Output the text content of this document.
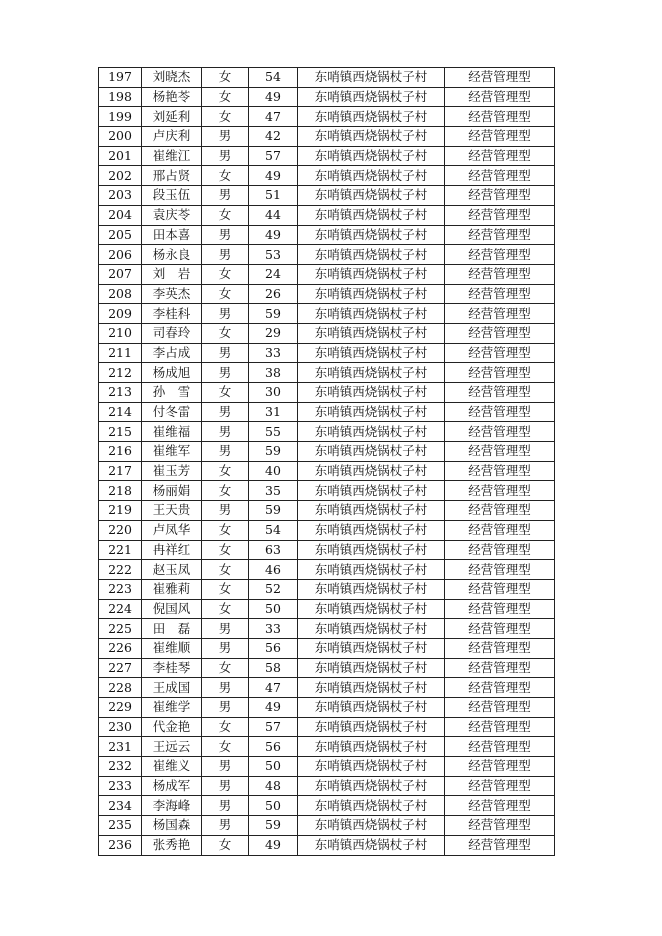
197	刘晓杰	女	54	东哨镇西烧锅杖子村	经营管理型
198	杨艳苓	女	49	东哨镇西烧锅杖子村	经营管理型
199	刘延利	女	47	东哨镇西烧锅杖子村	经营管理型
200	卢庆利	男	42	东哨镇西烧锅杖子村	经营管理型
201	崔维江	男	57	东哨镇西烧锅杖子村	经营管理型
202	邢占贤	女	49	东哨镇西烧锅杖子村	经营管理型
203	段玉伍	男	51	东哨镇西烧锅杖子村	经营管理型
204	袁庆苓	女	44	东哨镇西烧锅杖子村	经营管理型
205	田本喜	男	49	东哨镇西烧锅杖子村	经营管理型
206	杨永良	男	53	东哨镇西烧锅杖子村	经营管理型
207	刘　岩	女	24	东哨镇西烧锅杖子村	经营管理型
208	李英杰	女	26	东哨镇西烧锅杖子村	经营管理型
209	李桂科	男	59	东哨镇西烧锅杖子村	经营管理型
210	司春玲	女	29	东哨镇西烧锅杖子村	经营管理型
211	李占成	男	33	东哨镇西烧锅杖子村	经营管理型
212	杨成旭	男	38	东哨镇西烧锅杖子村	经营管理型
213	孙　雪	女	30	东哨镇西烧锅杖子村	经营管理型
214	付冬雷	男	31	东哨镇西烧锅杖子村	经营管理型
215	崔维福	男	55	东哨镇西烧锅杖子村	经营管理型
216	崔维军	男	59	东哨镇西烧锅杖子村	经营管理型
217	崔玉芳	女	40	东哨镇西烧锅杖子村	经营管理型
218	杨丽娟	女	35	东哨镇西烧锅杖子村	经营管理型
219	王天贵	男	59	东哨镇西烧锅杖子村	经营管理型
220	卢凤华	女	54	东哨镇西烧锅杖子村	经营管理型
221	冉祥红	女	63	东哨镇西烧锅杖子村	经营管理型
222	赵玉凤	女	46	东哨镇西烧锅杖子村	经营管理型
223	崔雅莉	女	52	东哨镇西烧锅杖子村	经营管理型
224	倪国风	女	50	东哨镇西烧锅杖子村	经营管理型
225	田　磊	男	33	东哨镇西烧锅杖子村	经营管理型
226	崔维顺	男	56	东哨镇西烧锅杖子村	经营管理型
227	李桂琴	女	58	东哨镇西烧锅杖子村	经营管理型
228	王成国	男	47	东哨镇西烧锅杖子村	经营管理型
229	崔维学	男	49	东哨镇西烧锅杖子村	经营管理型
230	代金艳	女	57	东哨镇西烧锅杖子村	经营管理型
231	王远云	女	56	东哨镇西烧锅杖子村	经营管理型
232	崔维义	男	50	东哨镇西烧锅杖子村	经营管理型
233	杨成军	男	48	东哨镇西烧锅杖子村	经营管理型
234	李海峰	男	50	东哨镇西烧锅杖子村	经营管理型
235	杨国森	男	59	东哨镇西烧锅杖子村	经营管理型
236	张秀艳	女	49	东哨镇西烧锅杖子村	经营管理型
